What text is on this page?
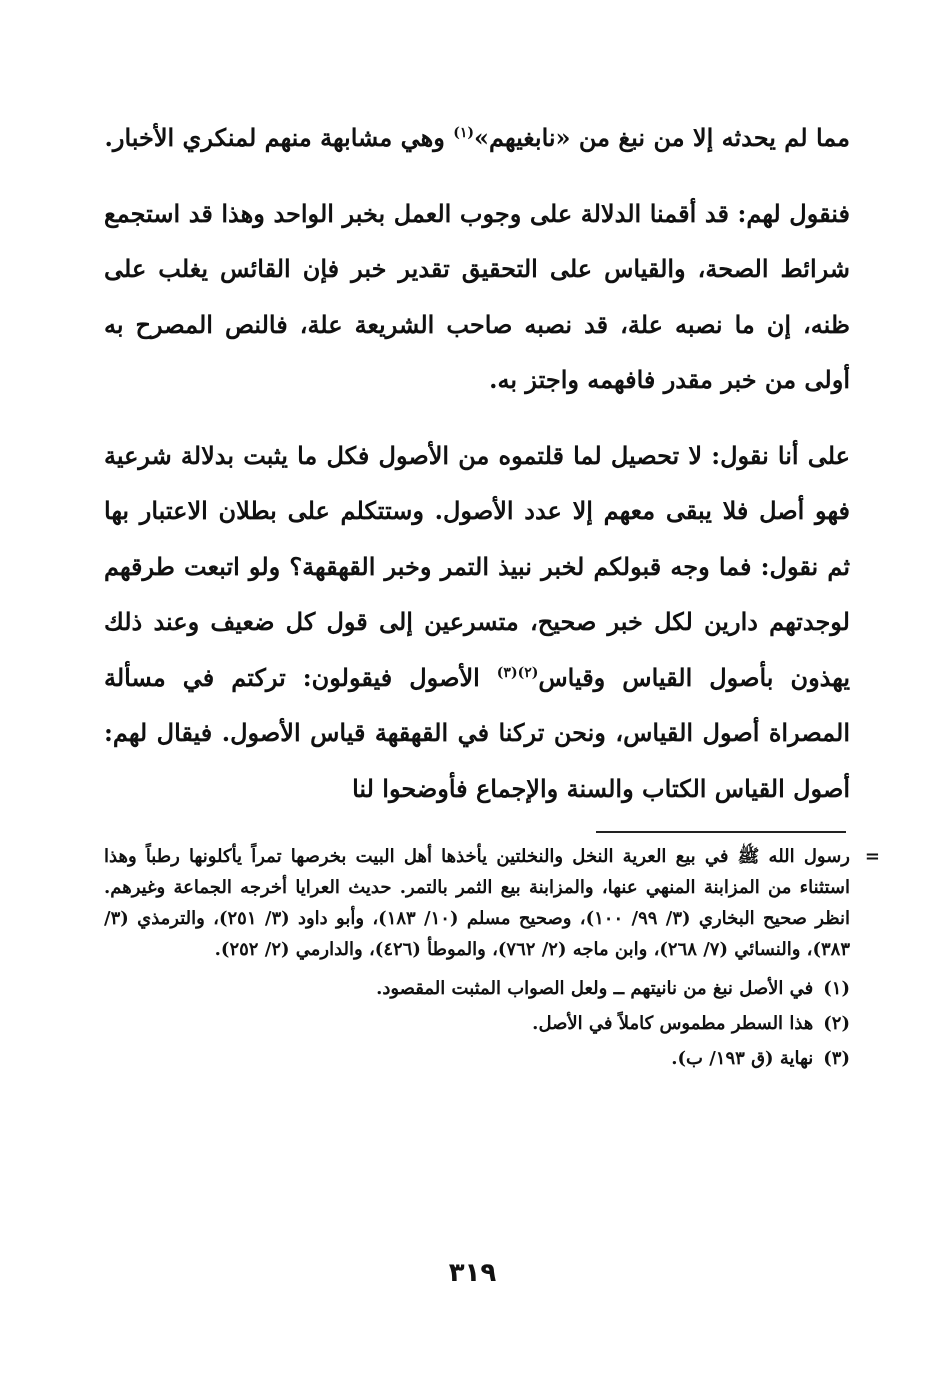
مما لم يحدثه إلا من نبغ من «نابغيهم»$^{(١)}$ وهي مشابهة منهم لمنكري الأخبار.

فنقول لهم: قد أقمنا الدلالة على وجوب العمل بخبر الواحد وهذا قد استجمع شرائط الصحة، والقياس على التحقيق تقدير خبر فإن القائس يغلب على ظنه، إن ما نصبه علة، قد نصبه صاحب الشريعة علة، فالنص المصرح به أولى من خبر مقدر فافهمه واجتز به.

على أنا نقول: لا تحصيل لما قلتموه من الأصول فكل ما يثبت بدلالة شرعية فهو أصل فلا يبقى معهم إلا عدد الأصول. وستتكلم على بطلان الاعتبار بها ثم نقول: فما وجه قبولكم لخبر نبيذ التمر وخبر القهقهة؟ ولو اتبعت طرقهم لوجدتهم دارين لكل خبر صحيح، متسرعين إلى قول كل ضعيف وعند ذلك يهذون بأصول القياس وقياس$^{(٢)(٣)}$ الأصول فيقولون: تركتم في مسألة المصراة أصول القياس، ونحن تركنا في القهقهة قياس الأصول. فيقال لهم: أصول القياس الكتاب والسنة والإجماع فأوضحوا لنا

=

رسول الله ﷺ في بيع العرية النخل والنخلتين يأخذها أهل البيت بخرصها تمراً يأكلونها رطباً وهذا استثناء من المزابنة المنهي عنها، والمزابنة بيع الثمر بالتمر. حديث العرايا أخرجه الجماعة وغيرهم. انظر صحيح البخاري (٣/ ٩٩/ ١٠٠)، وصحيح مسلم (١٠/ ١٨٣)، وأبو داود (٣/ ٢٥١)، والترمذي (٣/ ٣٨٣)، والنسائي (٧/ ٢٦٨)، وابن ماجه (٢/ ٧٦٢)، والموطأ (٤٢٦)، والدارمي (٢/ ٢٥٢).

(١)
في الأصل نبغ من نانيتهم ــ ولعل الصواب المثبت المقصود.
(٢)
هذا السطر مطموس كاملاً في الأصل.
(٣)
نهاية (ق ١٩٣/ ب).
٣١٩
